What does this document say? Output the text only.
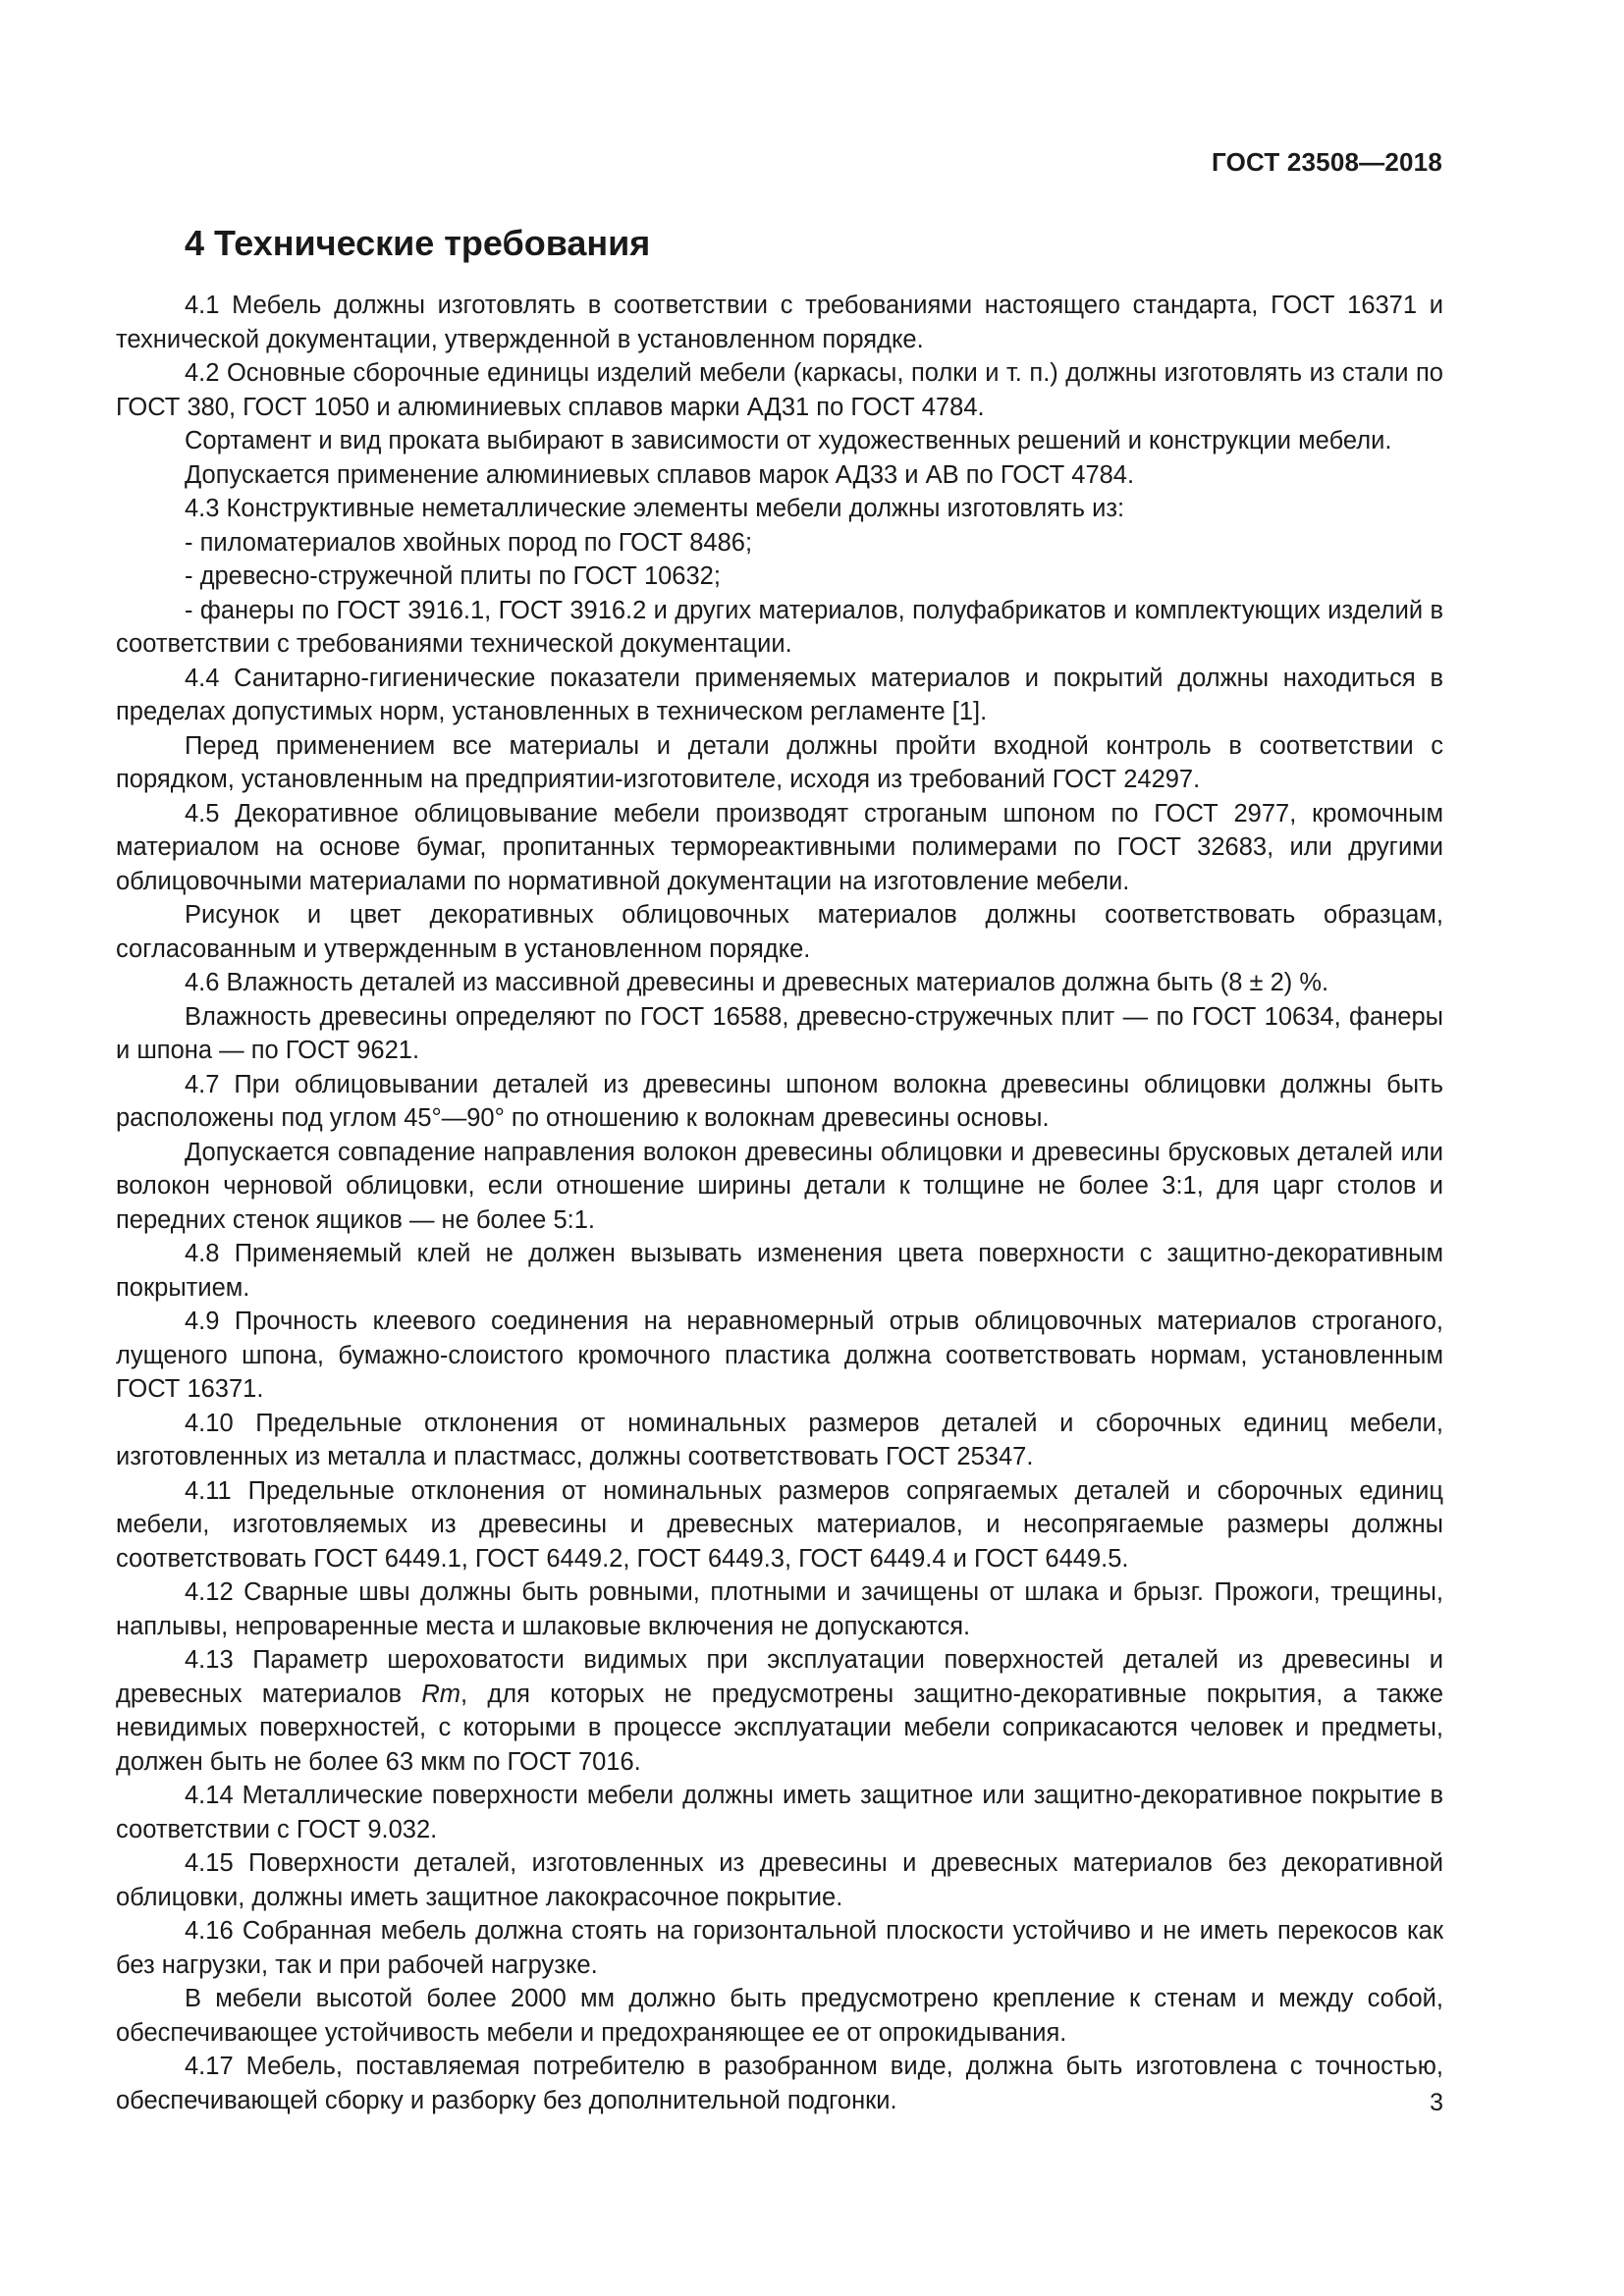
ГОСТ 23508—2018
4 Технические требования

4.1 Мебель должны изготовлять в соответствии с требованиями настоящего стандарта, ГОСТ 16371 и технической документации, утвержденной в установленном порядке.

4.2 Основные сборочные единицы изделий мебели (каркасы, полки и т. п.) должны изготовлять из стали по ГОСТ 380, ГОСТ 1050 и алюминиевых сплавов марки АД31 по ГОСТ 4784.

Сортамент и вид проката выбирают в зависимости от художественных решений и конструкции мебели.

Допускается применение алюминиевых сплавов марок АД33 и АВ по ГОСТ 4784.

4.3 Конструктивные неметаллические элементы мебели должны изготовлять из:

- пиломатериалов хвойных пород по ГОСТ 8486;

- древесно-стружечной плиты по ГОСТ 10632;

- фанеры по ГОСТ 3916.1, ГОСТ 3916.2 и других материалов, полуфабрикатов и комплектующих изделий в соответствии с требованиями технической документации.

4.4 Санитарно-гигиенические показатели применяемых материалов и покрытий должны находиться в пределах допустимых норм, установленных в техническом регламенте [1].

Перед применением все материалы и детали должны пройти входной контроль в соответствии с порядком, установленным на предприятии-изготовителе, исходя из требований ГОСТ 24297.

4.5 Декоративное облицовывание мебели производят строганым шпоном по ГОСТ 2977, кромочным материалом на основе бумаг, пропитанных термореактивными полимерами по ГОСТ 32683, или другими облицовочными материалами по нормативной документации на изготовление мебели.

Рисунок и цвет декоративных облицовочных материалов должны соответствовать образцам, согласованным и утвержденным в установленном порядке.

4.6 Влажность деталей из массивной древесины и древесных материалов должна быть (8 ± 2) %.

Влажность древесины определяют по ГОСТ 16588, древесно-стружечных плит — по ГОСТ 10634, фанеры и шпона — по ГОСТ 9621.

4.7 При облицовывании деталей из древесины шпоном волокна древесины облицовки должны быть расположены под углом 45°—90° по отношению к волокнам древесины основы.

Допускается совпадение направления волокон древесины облицовки и древесины брусковых деталей или волокон черновой облицовки, если отношение ширины детали к толщине не более 3:1, для царг столов и передних стенок ящиков — не более 5:1.

4.8 Применяемый клей не должен вызывать изменения цвета поверхности с защитно-декоративным покрытием.

4.9 Прочность клеевого соединения на неравномерный отрыв облицовочных материалов строганого, лущеного шпона, бумажно-слоистого кромочного пластика должна соответствовать нормам, установленным ГОСТ 16371.

4.10 Предельные отклонения от номинальных размеров деталей и сборочных единиц мебели, изготовленных из металла и пластмасс, должны соответствовать ГОСТ 25347.

4.11 Предельные отклонения от номинальных размеров сопрягаемых деталей и сборочных единиц мебели, изготовляемых из древесины и древесных материалов, и несопрягаемые размеры должны соответствовать ГОСТ 6449.1, ГОСТ 6449.2, ГОСТ 6449.3, ГОСТ 6449.4 и ГОСТ 6449.5.

4.12 Сварные швы должны быть ровными, плотными и зачищены от шлака и брызг. Прожоги, трещины, наплывы, непроваренные места и шлаковые включения не допускаются.

4.13 Параметр шероховатости видимых при эксплуатации поверхностей деталей из древесины и древесных материалов Rm, для которых не предусмотрены защитно-декоративные покрытия, а также невидимых поверхностей, с которыми в процессе эксплуатации мебели соприкасаются человек и предметы, должен быть не более 63 мкм по ГОСТ 7016.

4.14 Металлические поверхности мебели должны иметь защитное или защитно-декоративное покрытие в соответствии с ГОСТ 9.032.

4.15 Поверхности деталей, изготовленных из древесины и древесных материалов без декоративной облицовки, должны иметь защитное лакокрасочное покрытие.

4.16 Собранная мебель должна стоять на горизонтальной плоскости устойчиво и не иметь перекосов как без нагрузки, так и при рабочей нагрузке.

В мебели высотой более 2000 мм должно быть предусмотрено крепление к стенам и между собой, обеспечивающее устойчивость мебели и предохраняющее ее от опрокидывания.

4.17 Мебель, поставляемая потребителю в разобранном виде, должна быть изготовлена с точностью, обеспечивающей сборку и разборку без дополнительной подгонки.	3
